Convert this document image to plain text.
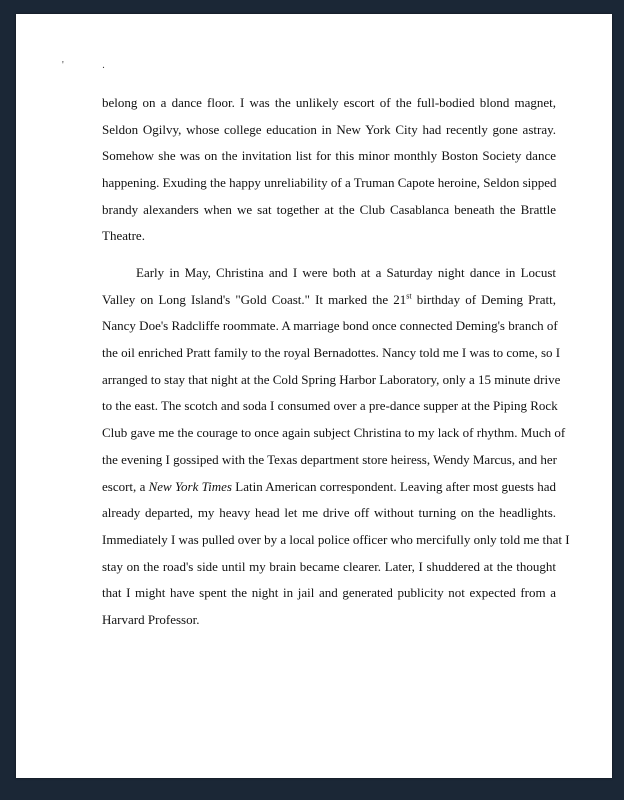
' .

belong on a dance floor. I was the unlikely escort of the full-bodied blond magnet,
Seldon Ogilvy, whose college education in New York City had recently gone astray.
Somehow she was on the invitation list for this minor monthly Boston Society dance
happening. Exuding the happy unreliability of a Truman Capote heroine, Seldon sipped
brandy alexanders when we sat together at the Club Casablanca beneath the Brattle
Theatre.

Early in May, Christina and I were both at a Saturday night dance in Locust
Valley on Long Island's "Gold Coast." It marked the 21st birthday of Deming Pratt,
Nancy Doe's Radcliffe roommate. A marriage bond once connected Deming's branch of
the oil enriched Pratt family to the royal Bernadottes. Nancy told me I was to come, so I
arranged to stay that night at the Cold Spring Harbor Laboratory, only a 15 minute drive
to the east. The scotch and soda I consumed over a pre-dance supper at the Piping Rock
Club gave me the courage to once again subject Christina to my lack of rhythm. Much of
the evening I gossiped with the Texas department store heiress, Wendy Marcus, and her
escort, a New York Times Latin American correspondent. Leaving after most guests had
already departed, my heavy head let me drive off without turning on the headlights.
Immediately I was pulled over by a local police officer who mercifully only told me that I
stay on the road's side until my brain became clearer. Later, I shuddered at the thought
that I might have spent the night in jail and generated publicity not expected from a
Harvard Professor.
